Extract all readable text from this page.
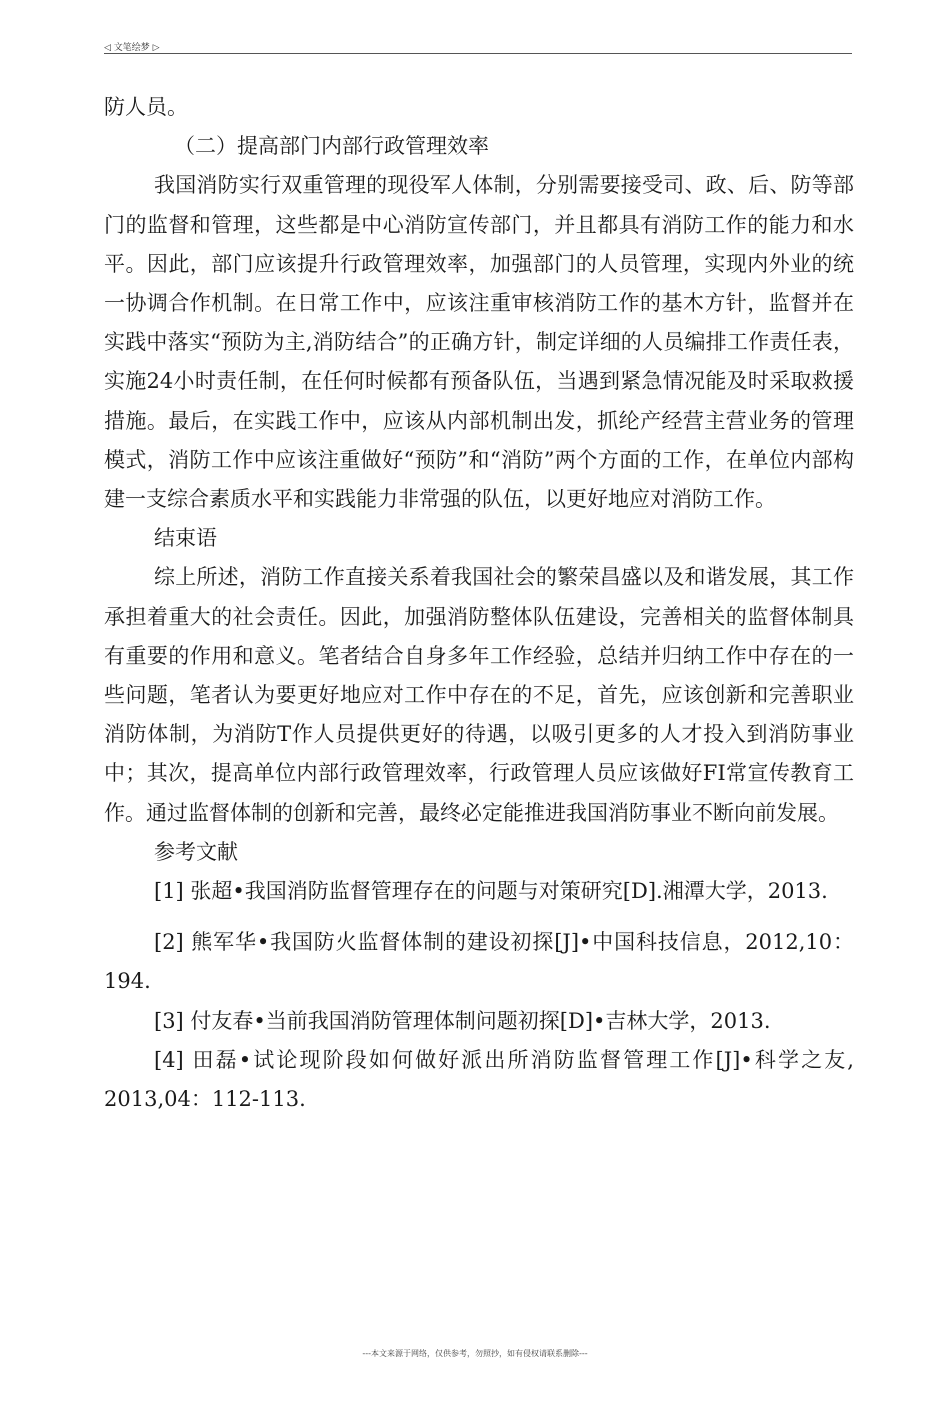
◁ 文笔绘梦 ▷

防人员。

（二）提高部门内部行政管理效率

我国消防实行双重管理的现役军人体制，分别需要接受司、政、后、防等部门的监督和管理，这些都是中心消防宣传部门，并且都具有消防工作的能力和水平。因此，部门应该提升行政管理效率，加强部门的人员管理，实现内外业的统一协调合作机制。在日常工作中，应该注重审核消防工作的基木方针，监督并在实践中落实“预防为主,消防结合”的正确方针，制定详细的人员编排工作责任表，实施24小时责任制，在任何时候都有预备队伍，当遇到紧急情况能及时采取救援措施。最后，在实践工作中，应该从内部机制出发，抓纶产经营主营业务的管理模式，消防工作中应该注重做好“预防”和“消防”两个方面的工作，在单位内部构建一支综合素质水平和实践能力非常强的队伍，以更好地应对消防工作。

结束语

综上所述，消防工作直接关系着我国社会的繁荣昌盛以及和谐发展，其工作承担着重大的社会责任。因此，加强消防整体队伍建设，完善相关的监督体制具有重要的作用和意义。笔者结合自身多年工作经验，总结并归纳工作中存在的一些问题，笔者认为要更好地应对工作中存在的不足，首先，应该创新和完善职业消防体制，为消防T作人员提供更好的待遇，以吸引更多的人才投入到消防事业中；其次，提高单位内部行政管理效率，行政管理人员应该做好FI常宣传教育工作。通过监督体制的创新和完善，最终必定能推进我国消防事业不断向前发展。

参考文献

[1] 张超•我国消防监督管理存在的问题与对策研究[D].湘潭大学，2013.

[2] 熊军华•我国防火监督体制的建设初探[J]•中国科技信息，2012,10：194.

[3] 付友春•当前我国消防管理体制问题初探[D]•吉林大学，2013.

[4] 田磊•试论现阶段如何做好派出所消防监督管理工作[J]•科学之友, 2013,04：112-113.

---本文来源于网络，仅供参考，勿照抄，如有侵权请联系删除---
